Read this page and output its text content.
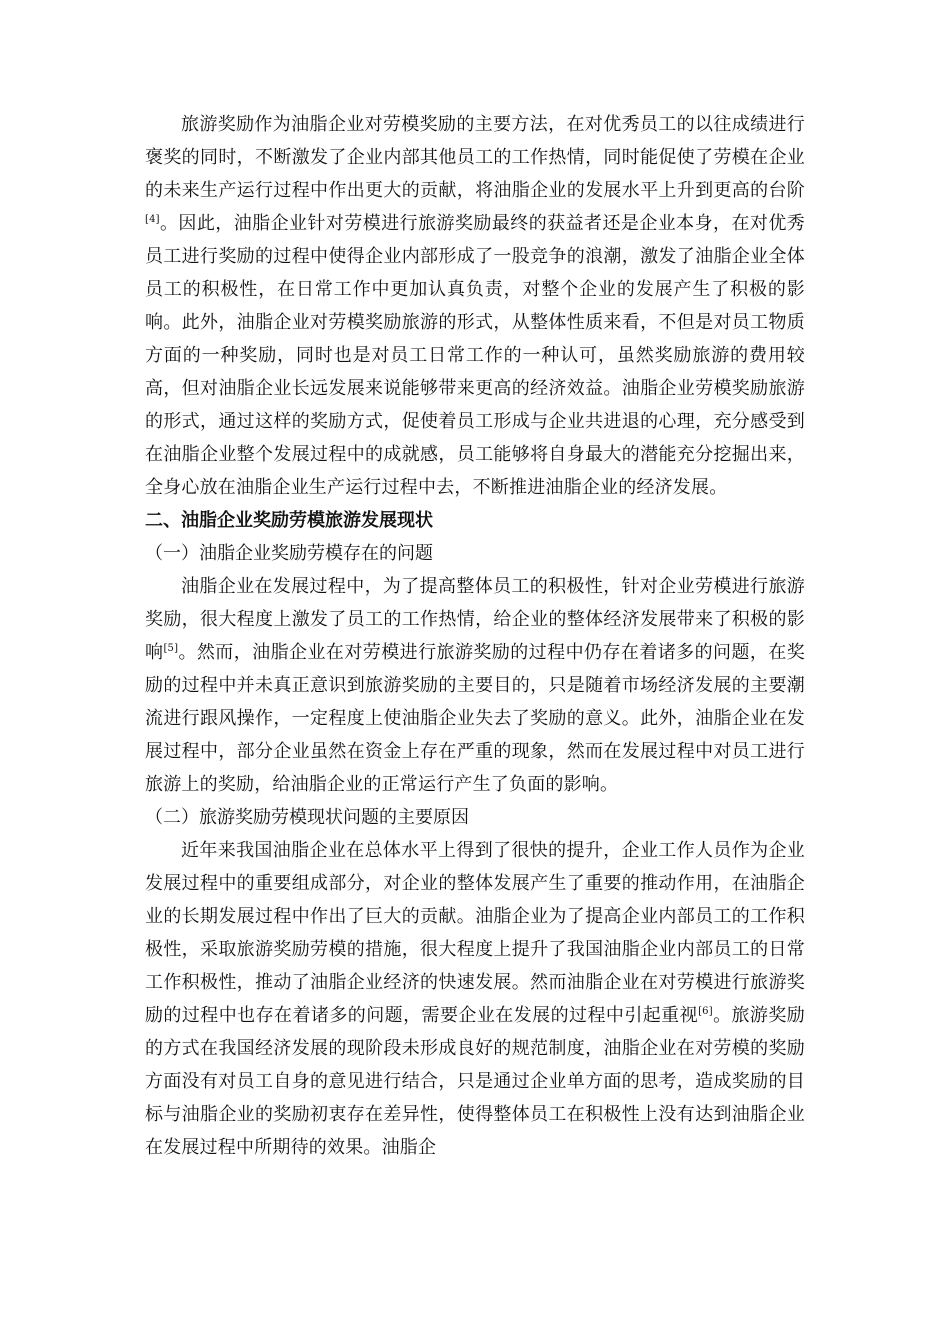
旅游奖励作为油脂企业对劳模奖励的主要方法，在对优秀员工的以往成绩进行褒奖的同时，不断激发了企业内部其他员工的工作热情，同时能促使了劳模在企业的未来生产运行过程中作出更大的贡献，将油脂企业的发展水平上升到更高的台阶[4]。因此，油脂企业针对劳模进行旅游奖励最终的获益者还是企业本身，在对优秀员工进行奖励的过程中使得企业内部形成了一股竞争的浪潮，激发了油脂企业全体员工的积极性，在日常工作中更加认真负责，对整个企业的发展产生了积极的影响。此外，油脂企业对劳模奖励旅游的形式，从整体性质来看，不但是对员工物质方面的一种奖励，同时也是对员工日常工作的一种认可，虽然奖励旅游的费用较高，但对油脂企业长远发展来说能够带来更高的经济效益。油脂企业劳模奖励旅游的形式，通过这样的奖励方式，促使着员工形成与企业共进退的心理，充分感受到在油脂企业整个发展过程中的成就感，员工能够将自身最大的潜能充分挖掘出来，全身心放在油脂企业生产运行过程中去，不断推进油脂企业的经济发展。

二、油脂企业奖励劳模旅游发展现状

（一）油脂企业奖励劳模存在的问题

油脂企业在发展过程中，为了提高整体员工的积极性，针对企业劳模进行旅游奖励，很大程度上激发了员工的工作热情，给企业的整体经济发展带来了积极的影响[5]。然而，油脂企业在对劳模进行旅游奖励的过程中仍存在着诸多的问题，在奖励的过程中并未真正意识到旅游奖励的主要目的，只是随着市场经济发展的主要潮流进行跟风操作，一定程度上使油脂企业失去了奖励的意义。此外，油脂企业在发展过程中，部分企业虽然在资金上存在严重的现象，然而在发展过程中对员工进行旅游上的奖励，给油脂企业的正常运行产生了负面的影响。

（二）旅游奖励劳模现状问题的主要原因

近年来我国油脂企业在总体水平上得到了很快的提升，企业工作人员作为企业发展过程中的重要组成部分，对企业的整体发展产生了重要的推动作用，在油脂企业的长期发展过程中作出了巨大的贡献。油脂企业为了提高企业内部员工的工作积极性，采取旅游奖励劳模的措施，很大程度上提升了我国油脂企业内部员工的日常工作积极性，推动了油脂企业经济的快速发展。然而油脂企业在对劳模进行旅游奖励的过程中也存在着诸多的问题，需要企业在发展的过程中引起重视[6]。旅游奖励的方式在我国经济发展的现阶段未形成良好的规范制度，油脂企业在对劳模的奖励方面没有对员工自身的意见进行结合，只是通过企业单方面的思考，造成奖励的目标与油脂企业的奖励初衷存在差异性，使得整体员工在积极性上没有达到油脂企业在发展过程中所期待的效果。油脂企
